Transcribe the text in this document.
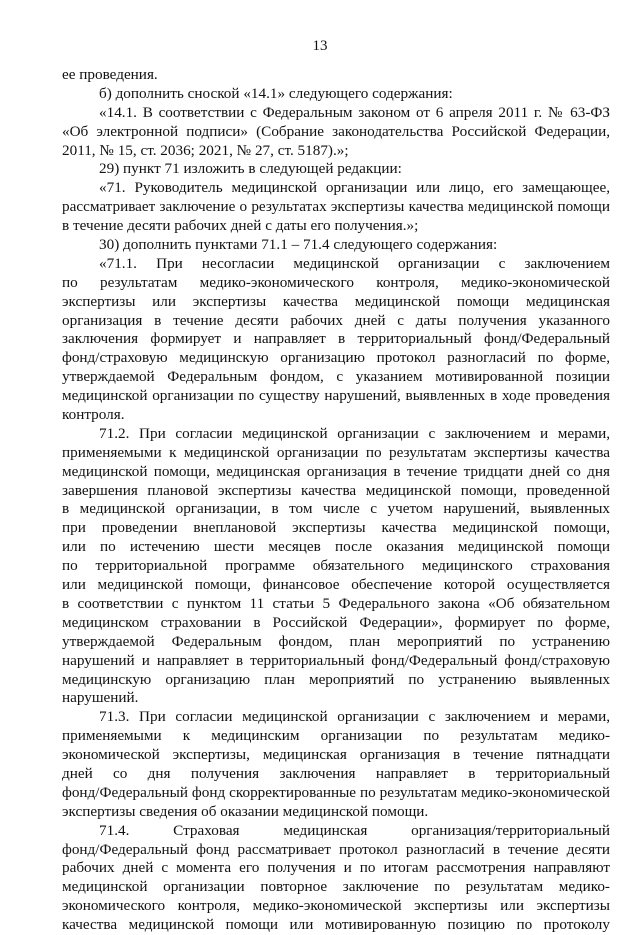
13
ее проведения.
б) дополнить сноской «14.1» следующего содержания:
«14.1. В соответствии с Федеральным законом от 6 апреля 2011 г. № 63-ФЗ
«Об электронной подписи» (Собрание законодательства Российской Федерации,
2011, № 15, ст. 2036; 2021, № 27, ст. 5187).»;
29) пункт 71 изложить в следующей редакции:
«71. Руководитель медицинской организации или лицо, его замещающее,
рассматривает заключение о результатах экспертизы качества медицинской помощи
в течение десяти рабочих дней с даты его получения.»;
30) дополнить пунктами 71.1 – 71.4 следующего содержания:
«71.1. При несогласии медицинской организации с заключением
по результатам медико-экономического контроля, медико-экономической
экспертизы или экспертизы качества медицинской помощи медицинская
организация в течение десяти рабочих дней с даты получения указанного
заключения формирует и направляет в территориальный фонд/Федеральный
фонд/страховую медицинскую организацию протокол разногласий по форме,
утверждаемой Федеральным фондом, с указанием мотивированной позиции
медицинской организации по существу нарушений, выявленных в ходе проведения
контроля.
71.2. При согласии медицинской организации с заключением и мерами,
применяемыми к медицинской организации по результатам экспертизы качества
медицинской помощи, медицинская организация в течение тридцати дней со дня
завершения плановой экспертизы качества медицинской помощи, проведенной
в медицинской организации, в том числе с учетом нарушений, выявленных
при проведении внеплановой экспертизы качества медицинской помощи,
или по истечению шести месяцев после оказания медицинской помощи
по территориальной программе обязательного медицинского страхования
или медицинской помощи, финансовое обеспечение которой осуществляется
в соответствии с пунктом 11 статьи 5 Федерального закона «Об обязательном
медицинском страховании в Российской Федерации», формирует по форме,
утверждаемой Федеральным фондом, план мероприятий по устранению
нарушений и направляет в территориальный фонд/Федеральный фонд/страховую
медицинскую организацию план мероприятий по устранению выявленных
нарушений.
71.3. При согласии медицинской организации с заключением и мерами,
применяемыми к медицинским организации по результатам медико-
экономической экспертизы, медицинская организация в течение пятнадцати
дней со дня получения заключения направляет в территориальный
фонд/Федеральный фонд скорректированные по результатам медико-экономической
экспертизы сведения об оказании медицинской помощи.
71.4. Страховая медицинская организация/территориальный
фонд/Федеральный фонд рассматривает протокол разногласий в течение десяти
рабочих дней с момента его получения и по итогам рассмотрения направляют
медицинской организации повторное заключение по результатам медико-
экономического контроля, медико-экономической экспертизы или экспертизы
качества медицинской помощи или мотивированную позицию по протоколу
